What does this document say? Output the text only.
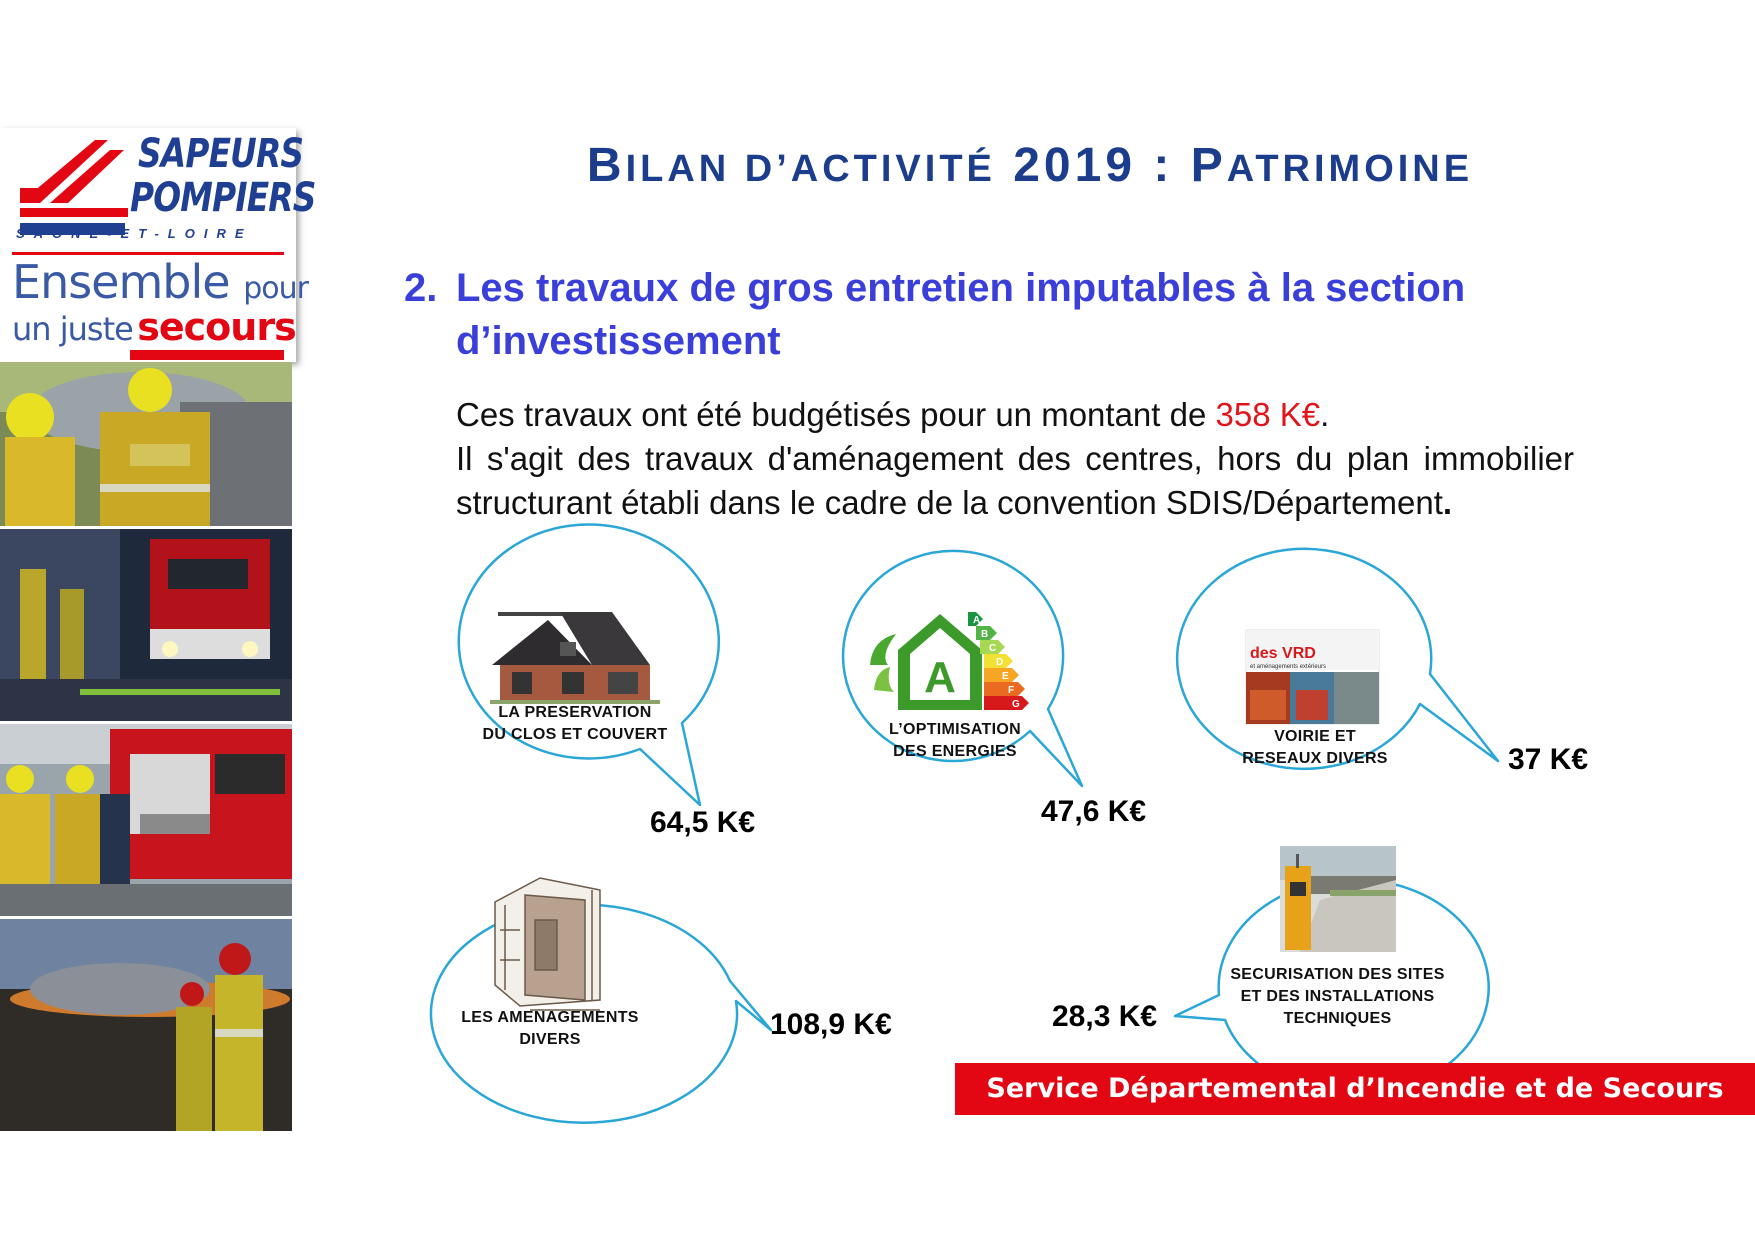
SAPEURS
POMPIERS
SAÔNE-ET-LOIRE
Ensemble pour
un juste secours
BILAN D’ACTIVITÉ 2019 : PATRIMOINE
2. Les travaux de gros entretien imputables à la section d’investissement

Ces travaux ont été budgétisés pour un montant de 358 K€.

Il s'agit des travaux d'aménagement des centres, hors du plan immobilier structurant établi dans le cadre de la convention SDIS/Département.

A
A
B
C
D
E
F
G
des VRD
et aménagements extérieurs
LA PRESERVATION
DU CLOS ET COUVERT
64,5 K€
L’OPTIMISATION
DES ENERGIES
47,6 K€
VOIRIE ET
RESEAUX DIVERS	37 K€
LES AMENAGEMENTS
DIVERS	108,9 K€
SECURISATION DES SITES
ET DES INSTALLATIONS
TECHNIQUES
28,3 K€
Service Départemental d’Incendie et de Secours
